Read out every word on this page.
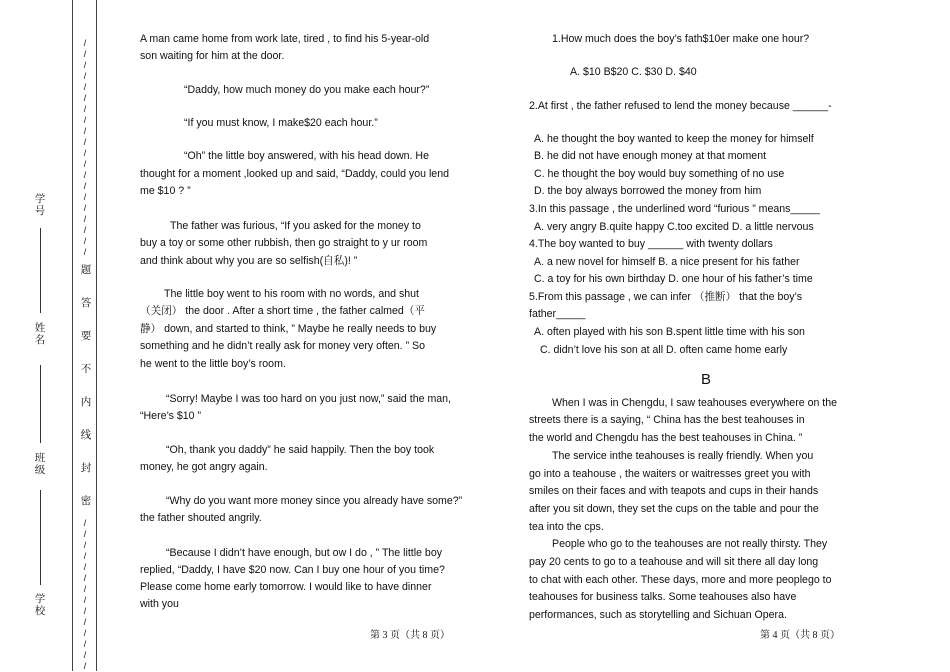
学号
姓名
班级
学校
/
/
/
/
/
/
/
/
/
/
/
/
/
/
/
/
/
/
/
/
题
答
要
不
内
线
封
密
/
/
/
/
/
/
/
/
/
/
/
/
/
/
A man came home from work late, tired , to find his 5-year-old
son waiting for him at the door.
“Daddy, how much money do you make each hour?”
“If you must know, I make$20 each hour.”
“Oh” the little boy answered, with his head down. He
thought for a moment ,looked up and said, “Daddy, could you lend
me $10 ? ”
The father was furious, “If you asked for the money to
buy a toy or some other rubbish, then go straight to y ur room
and think about why you are so selfish(自私)! ”
The little boy went to his room with no words, and shut
（关闭） the door . After a short time , the father calmed（平
静） down, and started to think, ” Maybe he really needs to buy
something and he didn’t really ask for money very often. ” So
he went to the little boy’s room.
“Sorry! Maybe I was too hard on you just now,” said the man,
“Here’s $10 ”
“Oh, thank you daddy” he said happily. Then the boy took
money, he got angry again.
“Why do you want more money since you already have some?”
the father shouted angrily.
“Because I didn’t have enough, but ow I do , ” The little boy
replied, “Daddy, I have $20 now. Can I buy one hour of you time?
Please come home early tomorrow. I would like to have dinner
with you
第 3 页（共 8 页）
1.How much does the boy’s fath$10er make one hour?
A. $10 B$20 C. $30 D. $40
2.At first , the father refused to lend the money because ______-
A. he thought the boy wanted to keep the money for himself
B. he did not have enough money at that moment
C. he thought the boy would buy something of no use
D. the boy always borrowed the money from him
3.In this passage , the underlined word “furious ” means_____
A. very angry B.quite happy C.too excited D. a little nervous
4.The boy wanted to buy ______ with twenty dollars
A. a new novel for himself B. a nice present for his father
C. a toy for his own birthday D. one hour of his father’s time
5.From this passage , we can infer （推断） that the boy’s
father_____
A. often played with his son B.spent little time with his son
C. didn’t love his son at all D. often came home early
B
When I was in Chengdu, I saw teahouses everywhere on the
streets there is a saying, “ China has the best teahouses in
the world and Chengdu has the best teahouses in China. ”
The service inthe teahouses is really friendly. When you
go into a teahouse , the waiters or waitresses greet you with
smiles on their faces and with teapots and cups in their hands
after you sit down, they set the cups on the table and pour the
tea into the cps.
People who go to the teahouses are not really thirsty. They
pay 20 cents to go to a teahouse and will sit there all day long
to chat with each other. These days, more and more peoplego to
teahouses for business talks. Some teahouses also have
performances, such as storytelling and Sichuan Opera.
第 4 页（共 8 页）
